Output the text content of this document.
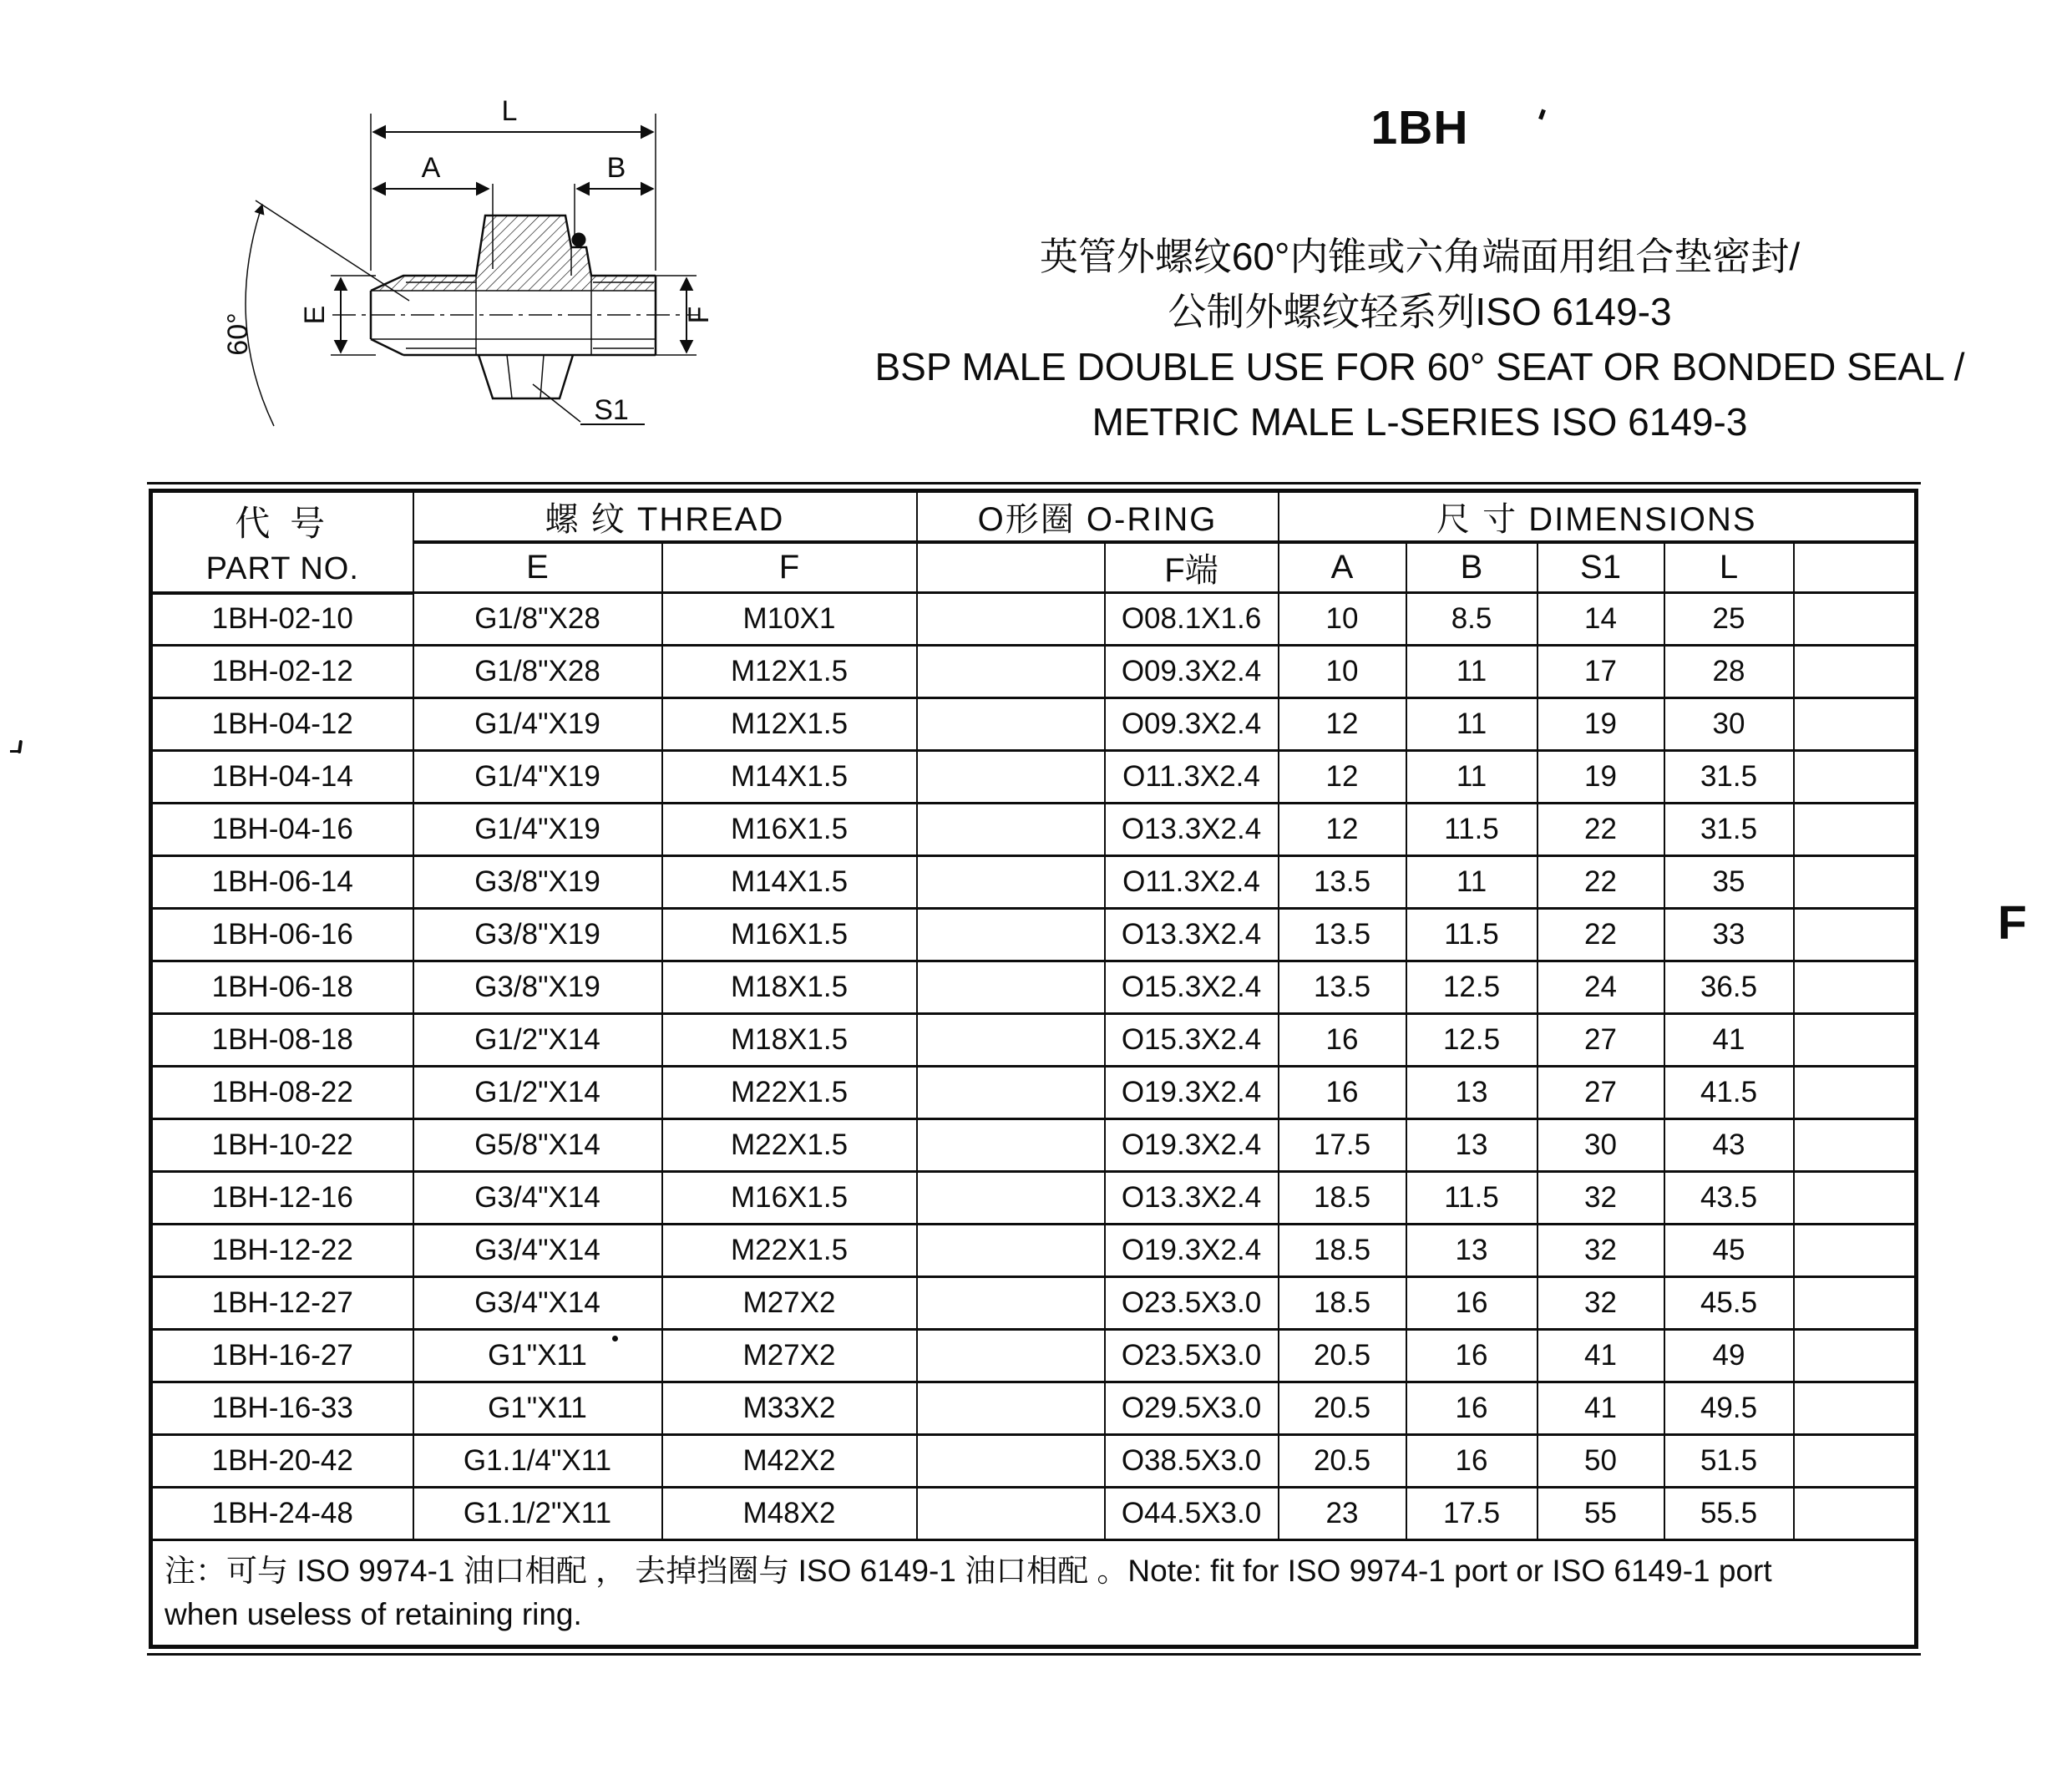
L
A	B
E	F
60°
S1
1BH
英管外螺纹60°内锥或六角端面用组合垫密封/
公制外螺纹轻系列ISO 6149-3
BSP MALE DOUBLE USE FOR 60° SEAT OR BONDED SEAL /
METRIC MALE L-SERIES ISO 6149-3
F
代 号
PART NO.	螺 纹 THREAD		O形圈 O-RING		尺 寸 DIMENSIONS				
	E	F		F端	A	B	S1	L	
1BH-02-10	G1/8"X28	M10X1		O08.1X1.6	10	8.5	14	25	
1BH-02-12	G1/8"X28	M12X1.5		O09.3X2.4	10	11	17	28	
1BH-04-12	G1/4"X19	M12X1.5		O09.3X2.4	12	11	19	30	
1BH-04-14	G1/4"X19	M14X1.5		O11.3X2.4	12	11	19	31.5	
1BH-04-16	G1/4"X19	M16X1.5		O13.3X2.4	12	11.5	22	31.5	
1BH-06-14	G3/8"X19	M14X1.5		O11.3X2.4	13.5	11	22	35	
1BH-06-16	G3/8"X19	M16X1.5		O13.3X2.4	13.5	11.5	22	33	
1BH-06-18	G3/8"X19	M18X1.5		O15.3X2.4	13.5	12.5	24	36.5	
1BH-08-18	G1/2"X14	M18X1.5		O15.3X2.4	16	12.5	27	41	
1BH-08-22	G1/2"X14	M22X1.5		O19.3X2.4	16	13	27	41.5	
1BH-10-22	G5/8"X14	M22X1.5		O19.3X2.4	17.5	13	30	43	
1BH-12-16	G3/4"X14	M16X1.5		O13.3X2.4	18.5	11.5	32	43.5	
1BH-12-22	G3/4"X14	M22X1.5		O19.3X2.4	18.5	13	32	45	
1BH-12-27	G3/4"X14	M27X2		O23.5X3.0	18.5	16	32	45.5	
1BH-16-27	G1"X11	M27X2		O23.5X3.0	20.5	16	41	49	
1BH-16-33	G1"X11	M33X2		O29.5X3.0	20.5	16	41	49.5	
1BH-20-42	G1.1/4"X11	M42X2		O38.5X3.0	20.5	16	50	51.5	
1BH-24-48	G1.1/2"X11	M48X2		O44.5X3.0	23	17.5	55	55.5	

注：可与 ISO 9974-1 油口相配 ， 去掉挡圈与 ISO 6149-1 油口相配 。Note: fit for ISO 9974-1 port or ISO 6149-1 port
when useless of retaining ring.									
